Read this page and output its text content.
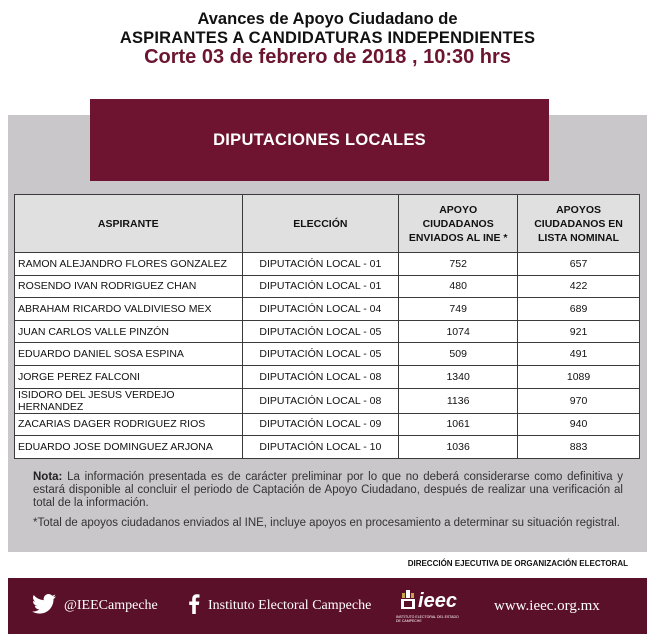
Avances de Apoyo Ciudadano de
ASPIRANTES A CANDIDATURAS INDEPENDIENTES
Corte 03 de febrero de 2018 , 10:30 hrs
DIPUTACIONES LOCALES
ASPIRANTE	ELECCIÓN	APOYO CIUDADANOS ENVIADOS AL INE *	APOYOS CIUDADANOS EN LISTA NOMINAL
RAMON ALEJANDRO FLORES GONZALEZ	DIPUTACIÓN LOCAL - 01	752	657
ROSENDO IVAN RODRIGUEZ CHAN	DIPUTACIÓN LOCAL - 01	480	422
ABRAHAM RICARDO VALDIVIESO MEX	DIPUTACIÓN LOCAL - 04	749	689
JUAN CARLOS VALLE PINZÓN	DIPUTACIÓN LOCAL - 05	1074	921
EDUARDO DANIEL SOSA ESPINA	DIPUTACIÓN LOCAL - 05	509	491
JORGE PEREZ FALCONI	DIPUTACIÓN LOCAL - 08	1340	1089
ISIDORO DEL JESUS VERDEJO HERNANDEZ	DIPUTACIÓN LOCAL - 08	1136	970
ZACARIAS DAGER RODRIGUEZ RIOS	DIPUTACIÓN LOCAL - 09	1061	940
EDUARDO JOSE DOMINGUEZ ARJONA	DIPUTACIÓN LOCAL - 10	1036	883
Nota: La información presentada es de carácter preliminar por lo que no deberá considerarse como definitiva y estará disponible al concluir el periodo de Captación de Apoyo Ciudadano, después de realizar una verificación al total de la información.
*Total de apoyos ciudadanos enviados al INE, incluye apoyos en procesamiento a determinar su situación registral.
DIRECCIÓN EJECUTIVA DE ORGANIZACIÓN ELECTORAL
@IEECampeche	Instituto Electoral Campeche ieec
INSTITUTO ELECTORAL DEL ESTADO DE CAMPECHE
www.ieec.org.mx
